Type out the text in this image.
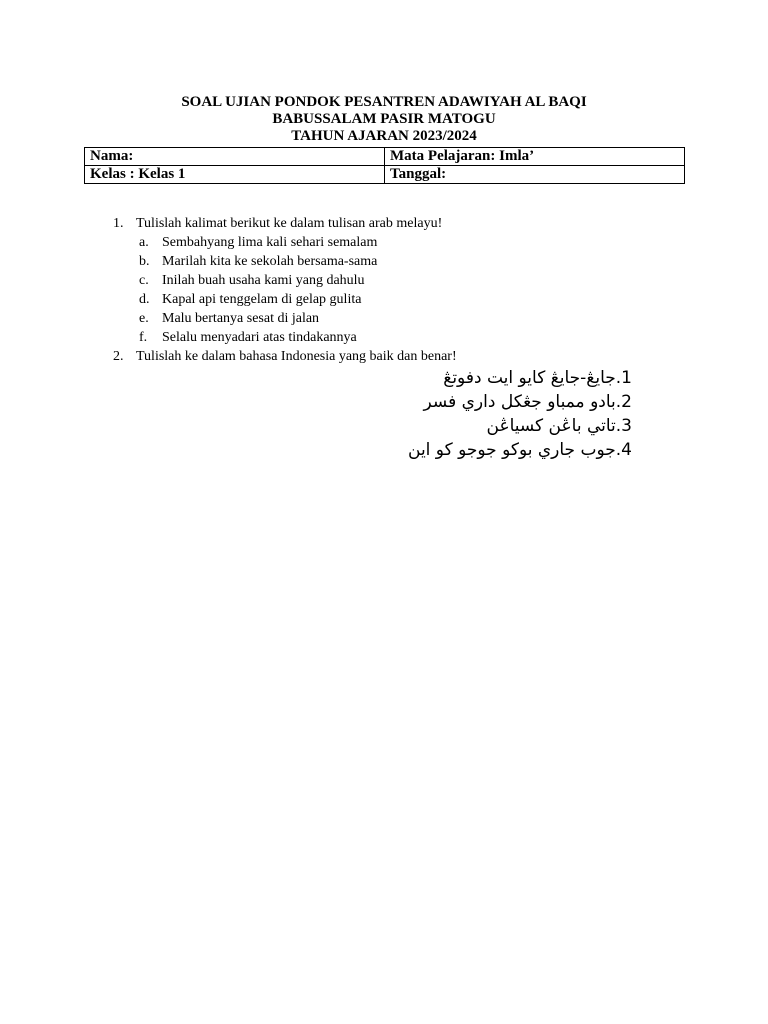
SOAL UJIAN PONDOK PESANTREN ADAWIYAH AL BAQI
BABUSSALAM PASIR MATOGU
TAHUN AJARAN 2023/2024
Nama:	Mata Pelajaran: Imla’
Kelas : Kelas 1	Tanggal:
1. Tulislah kalimat berikut ke dalam tulisan arab melayu!
a. Sembahyang lima kali sehari semalam
b. Marilah kita ke sekolah bersama-sama
c. Inilah buah usaha kami yang dahulu
d. Kapal api tenggelam di gelap gulita
e. Malu bertanya sesat di jalan
f. Selalu menyadari atas tindakannya
2. Tulislah ke dalam bahasa Indonesia yang baik dan benar!
1.جايڠ-جايڠ كايو ايت دفوتڠ
2.بادو ممباو جڠكل داري فسر
3.تاتي باڠن كسياڠن
4.جوب جاري بوكو جوجو كو اين
